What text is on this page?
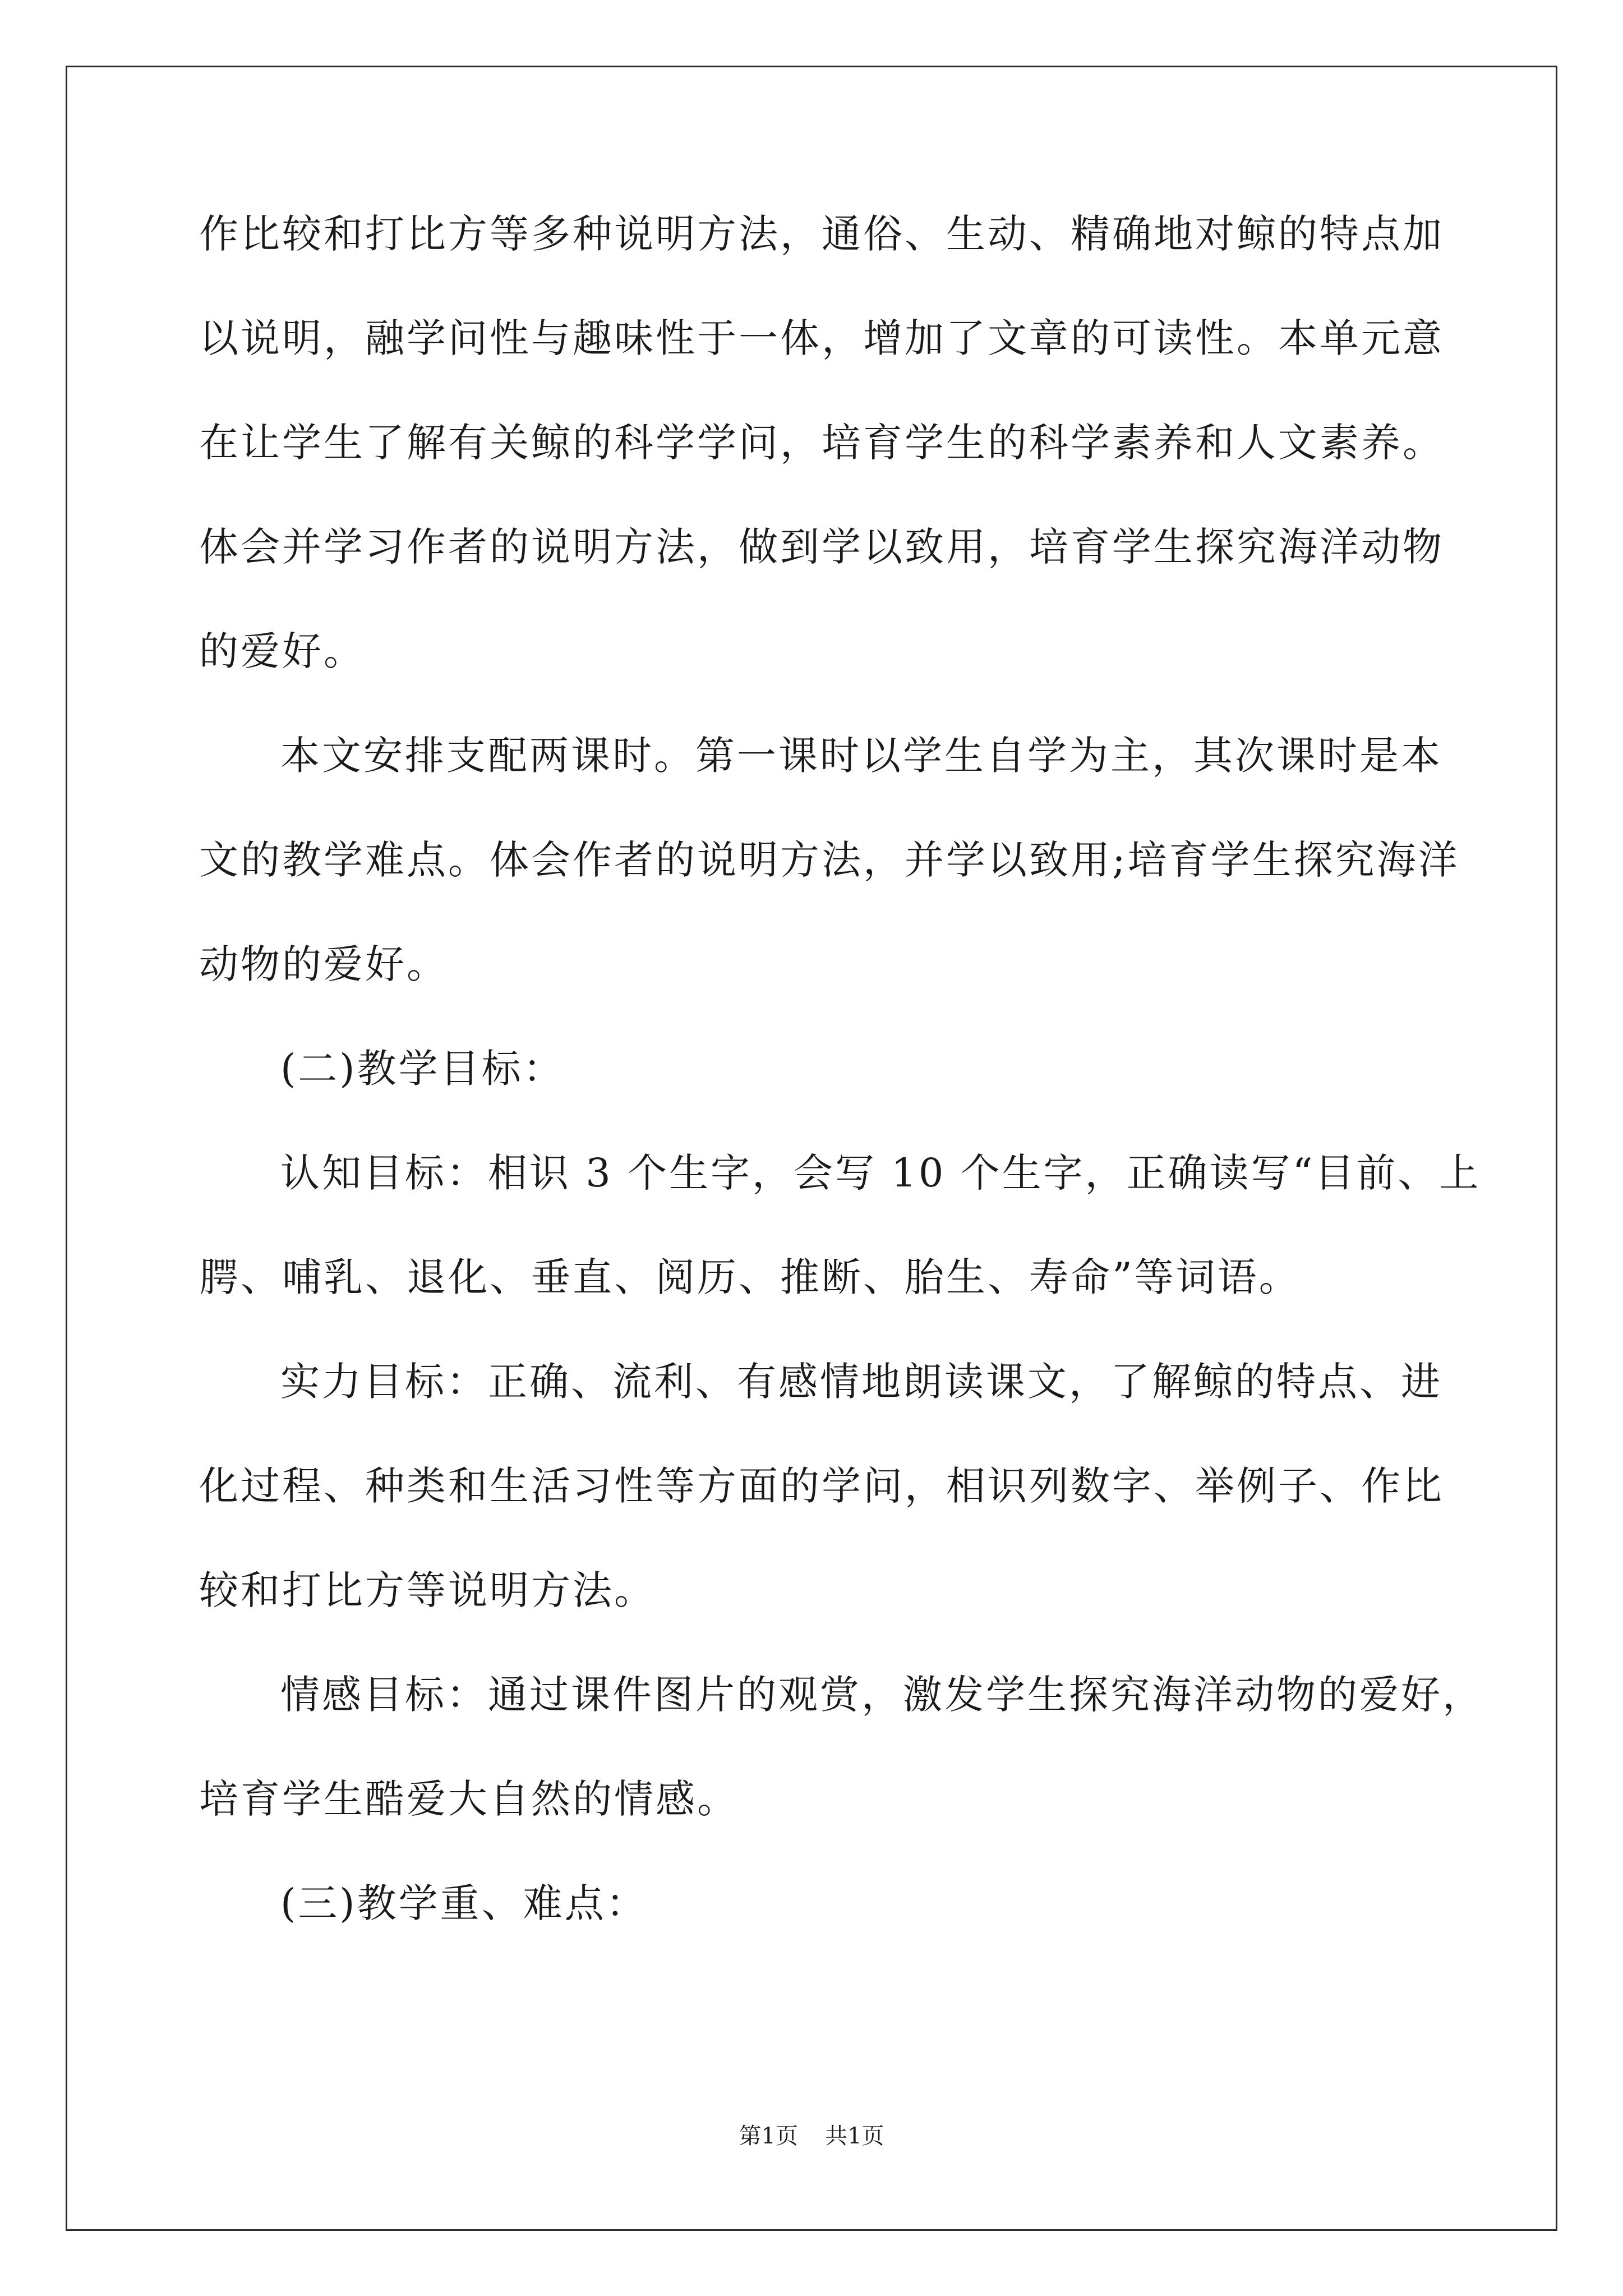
作比较和打比方等多种说明方法，通俗、生动、精确地对鲸的特点加
以说明，融学问性与趣味性于一体，增加了文章的可读性。本单元意
在让学生了解有关鲸的科学学问，培育学生的科学素养和人文素养。
体会并学习作者的说明方法，做到学以致用，培育学生探究海洋动物
的爱好。
本文安排支配两课时。第一课时以学生自学为主，其次课时是本
文的教学难点。体会作者的说明方法，并学以致用;培育学生探究海洋
动物的爱好。
(二)教学目标：
认知目标：相识 3 个生字，会写 10 个生字，正确读写“目前、上
腭、哺乳、退化、垂直、阅历、推断、胎生、寿命”等词语。
实力目标：正确、流利、有感情地朗读课文，了解鲸的特点、进
化过程、种类和生活习性等方面的学问，相识列数字、举例子、作比
较和打比方等说明方法。
情感目标：通过课件图片的观赏，激发学生探究海洋动物的爱好，
培育学生酷爱大自然的情感。
(三)教学重、难点：
第1页 共1页
